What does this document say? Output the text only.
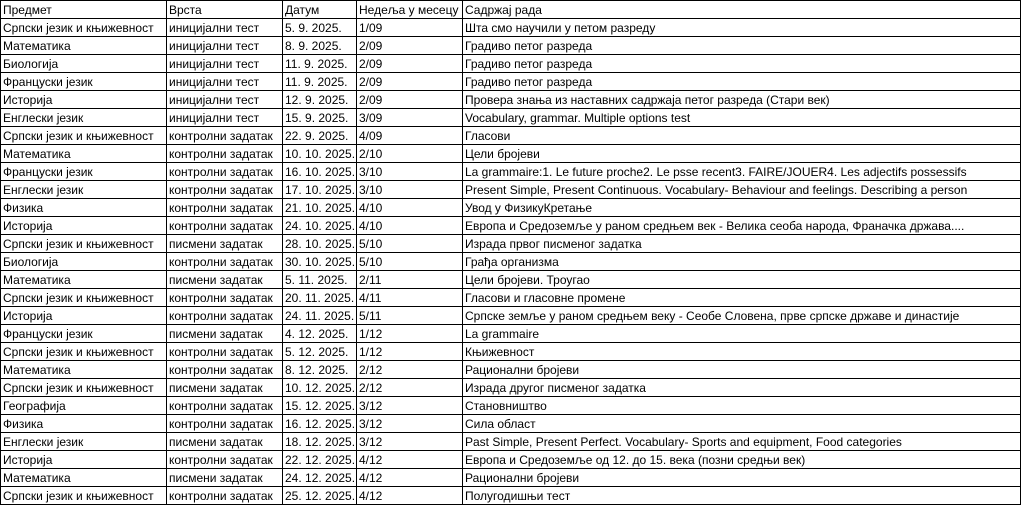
Предмет	Врста	Датум	Недеља у месецу	Садржај рада
Српски језик и књижевност	иницијални тест	5. 9. 2025.	1/09	Шта смо научили у петом разреду
Математика	иницијални тест	8. 9. 2025.	2/09	Градиво петог разреда
Биологија	иницијални тест	11. 9. 2025.	2/09	Градиво петог разреда
Француски језик	иницијални тест	11. 9. 2025.	2/09	Градиво петог разреда
Историја	иницијални тест	12. 9. 2025.	2/09	Провера знања из наставних садржаја петог разреда (Стари век)
Енглески језик	иницијални тест	15. 9. 2025.	3/09	Vocabulary, grammar. Multiple options test
Српски језик и књижевност	контролни задатак	22. 9. 2025.	4/09	Гласови
Математика	контролни задатак	10. 10. 2025.	2/10	Цели бројеви
Француски језик	контролни задатак	16. 10. 2025.	3/10	La grammaire:1. Le future proche2. Le psse recent3. FAIRE/JOUER4. Les adjectifs possessifs
Енглески језик	контролни задатак	17. 10. 2025.	3/10	Present Simple, Present Continuous. Vocabulary- Behaviour and feelings. Describing a person
Физика	контролни задатак	21. 10. 2025.	4/10	Увод у ФизикуКретање
Историја	контролни задатак	24. 10. 2025.	4/10	Европа и Средоземље у раном средњем век - Велика сеоба народа, Франачка држава....
Српски језик и књижевност	писмени задатак	28. 10. 2025.	5/10	Израда првог писменог задатка
Биологија	контролни задатак	30. 10. 2025.	5/10	Грађа организма
Математика	писмени задатак	5. 11. 2025.	2/11	Цели бројеви. Троугао
Српски језик и књижевност	контролни задатак	20. 11. 2025.	4/11	Гласови и гласовне промене
Историја	контролни задатак	24. 11. 2025.	5/11	Српске земље у раном средњем веку - Сеобе Словена, прве српске државе и династије
Француски језик	писмени задатак	4. 12. 2025.	1/12	La grammaire
Српски језик и књижевност	контролни задатак	5. 12. 2025.	1/12	Књижевност
Математика	контролни задатак	8. 12. 2025.	2/12	Рационални бројеви
Српски језик и књижевност	писмени задатак	10. 12. 2025.	2/12	Израда другог писменог задатка
Географија	контролни задатак	15. 12. 2025.	3/12	Становништво
Физика	контролни задатак	16. 12. 2025.	3/12	Сила област
Енглески језик	писмени задатак	18. 12. 2025.	3/12	Past Simple, Present Perfect. Vocabulary- Sports and equipment, Food categories
Историја	контролни задатак	22. 12. 2025.	4/12	Европа и Средоземље од 12. до 15. века (позни средњи век)
Математика	писмени задатак	24. 12. 2025.	4/12	Рационални бројеви
Српски језик и књижевност	контролни задатак	25. 12. 2025.	4/12	Полугодишњи тест
